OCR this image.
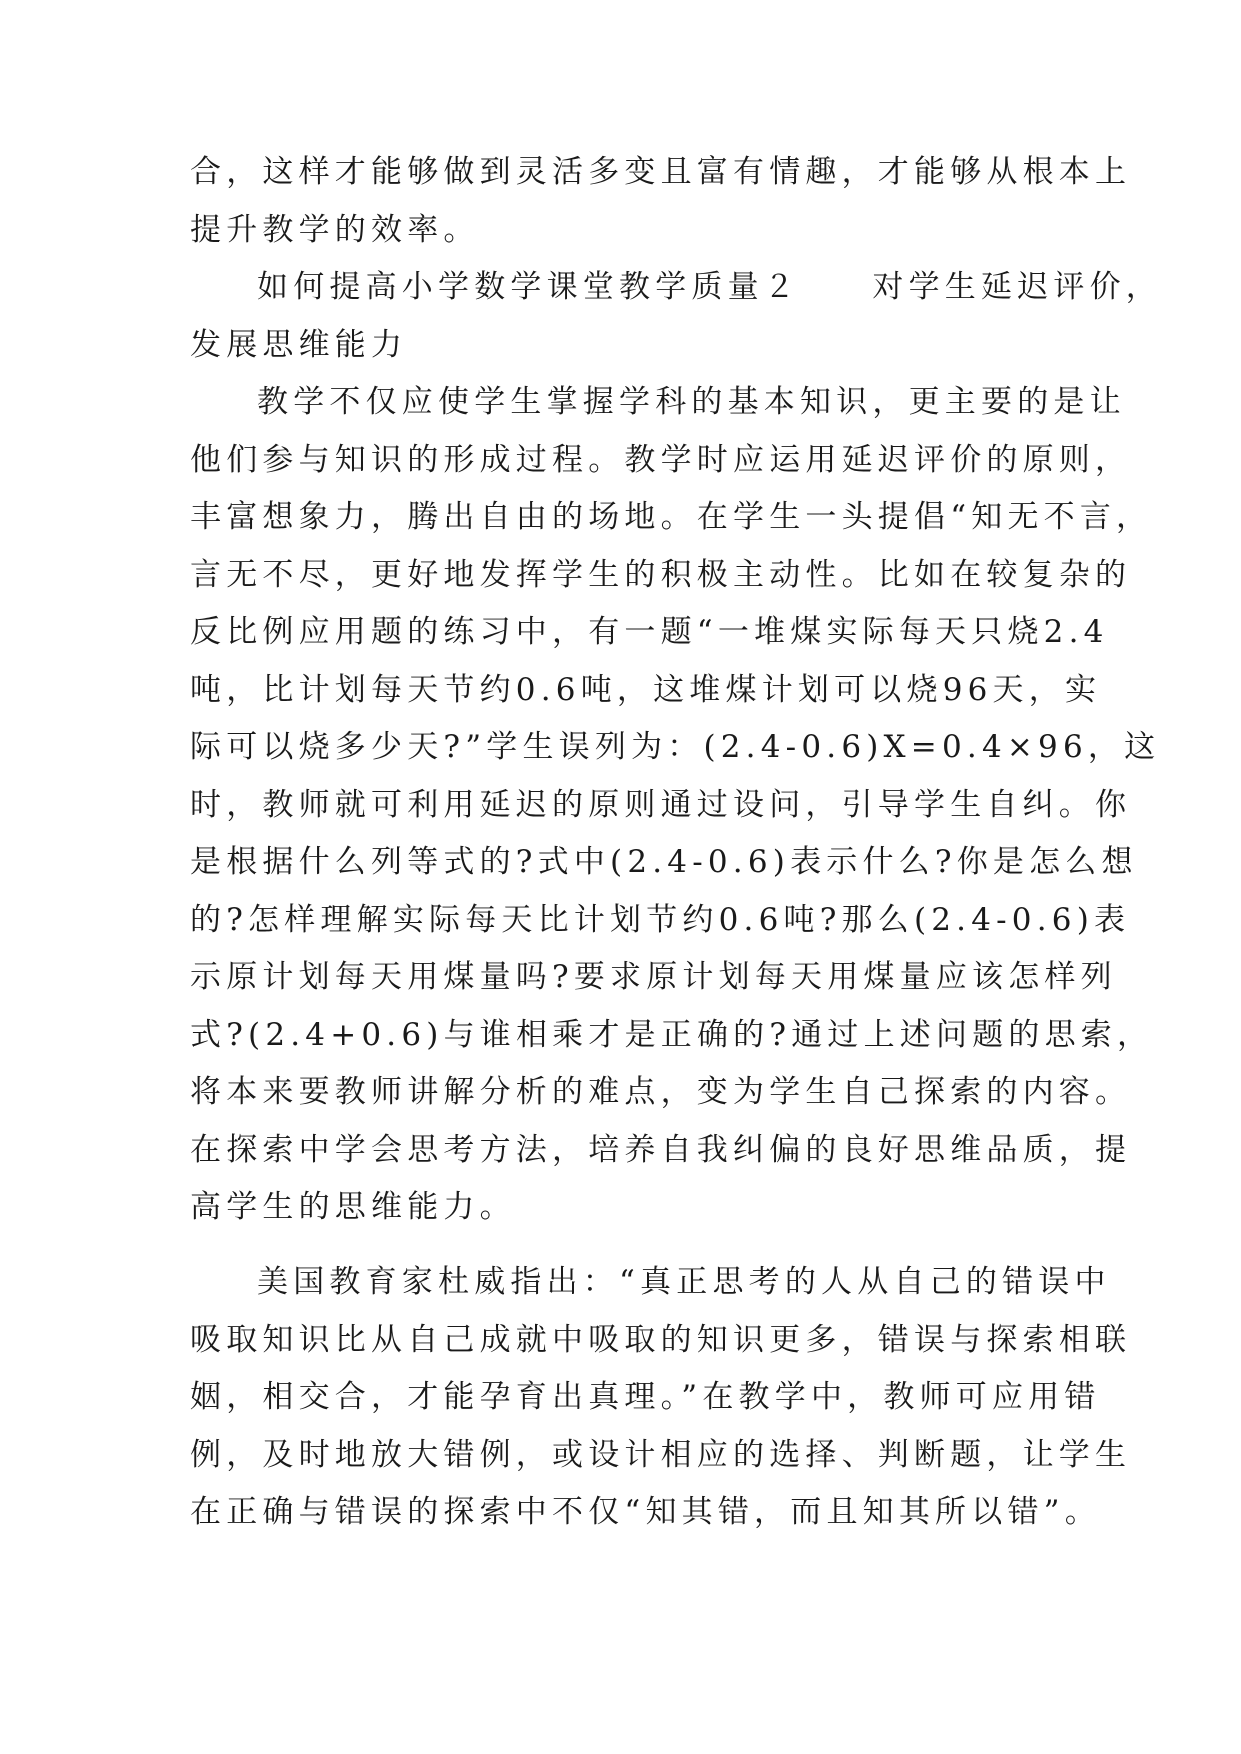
合，这样才能够做到灵活多变且富有情趣，才能够从根本上
提升教学的效率。
如何提高小学数学课堂教学质量２　　对学生延迟评价，
发展思维能力
教学不仅应使学生掌握学科的基本知识，更主要的是让
他们参与知识的形成过程。教学时应运用延迟评价的原则，
丰富想象力，腾出自由的场地。在学生一头提倡“知无不言，
言无不尽，更好地发挥学生的积极主动性。比如在较复杂的
反比例应用题的练习中，有一题“一堆煤实际每天只烧2.4
吨，比计划每天节约0.6吨，这堆煤计划可以烧96天，实
际可以烧多少天?”学生误列为：(2.4-0.6)X=0.4×96，这
时，教师就可利用延迟的原则通过设问，引导学生自纠。你
是根据什么列等式的?式中(2.4-0.6)表示什么?你是怎么想
的?怎样理解实际每天比计划节约0.6吨?那么(2.4-0.6)表
示原计划每天用煤量吗?要求原计划每天用煤量应该怎样列
式?(2.4+0.6)与谁相乘才是正确的?通过上述问题的思索，
将本来要教师讲解分析的难点，变为学生自己探索的内容。
在探索中学会思考方法，培养自我纠偏的良好思维品质，提
高学生的思维能力。
美国教育家杜威指出：“真正思考的人从自己的错误中
吸取知识比从自己成就中吸取的知识更多，错误与探索相联
姻，相交合，才能孕育出真理。”在教学中，教师可应用错
例，及时地放大错例，或设计相应的选择、判断题，让学生
在正确与错误的探索中不仅“知其错，而且知其所以错”。
